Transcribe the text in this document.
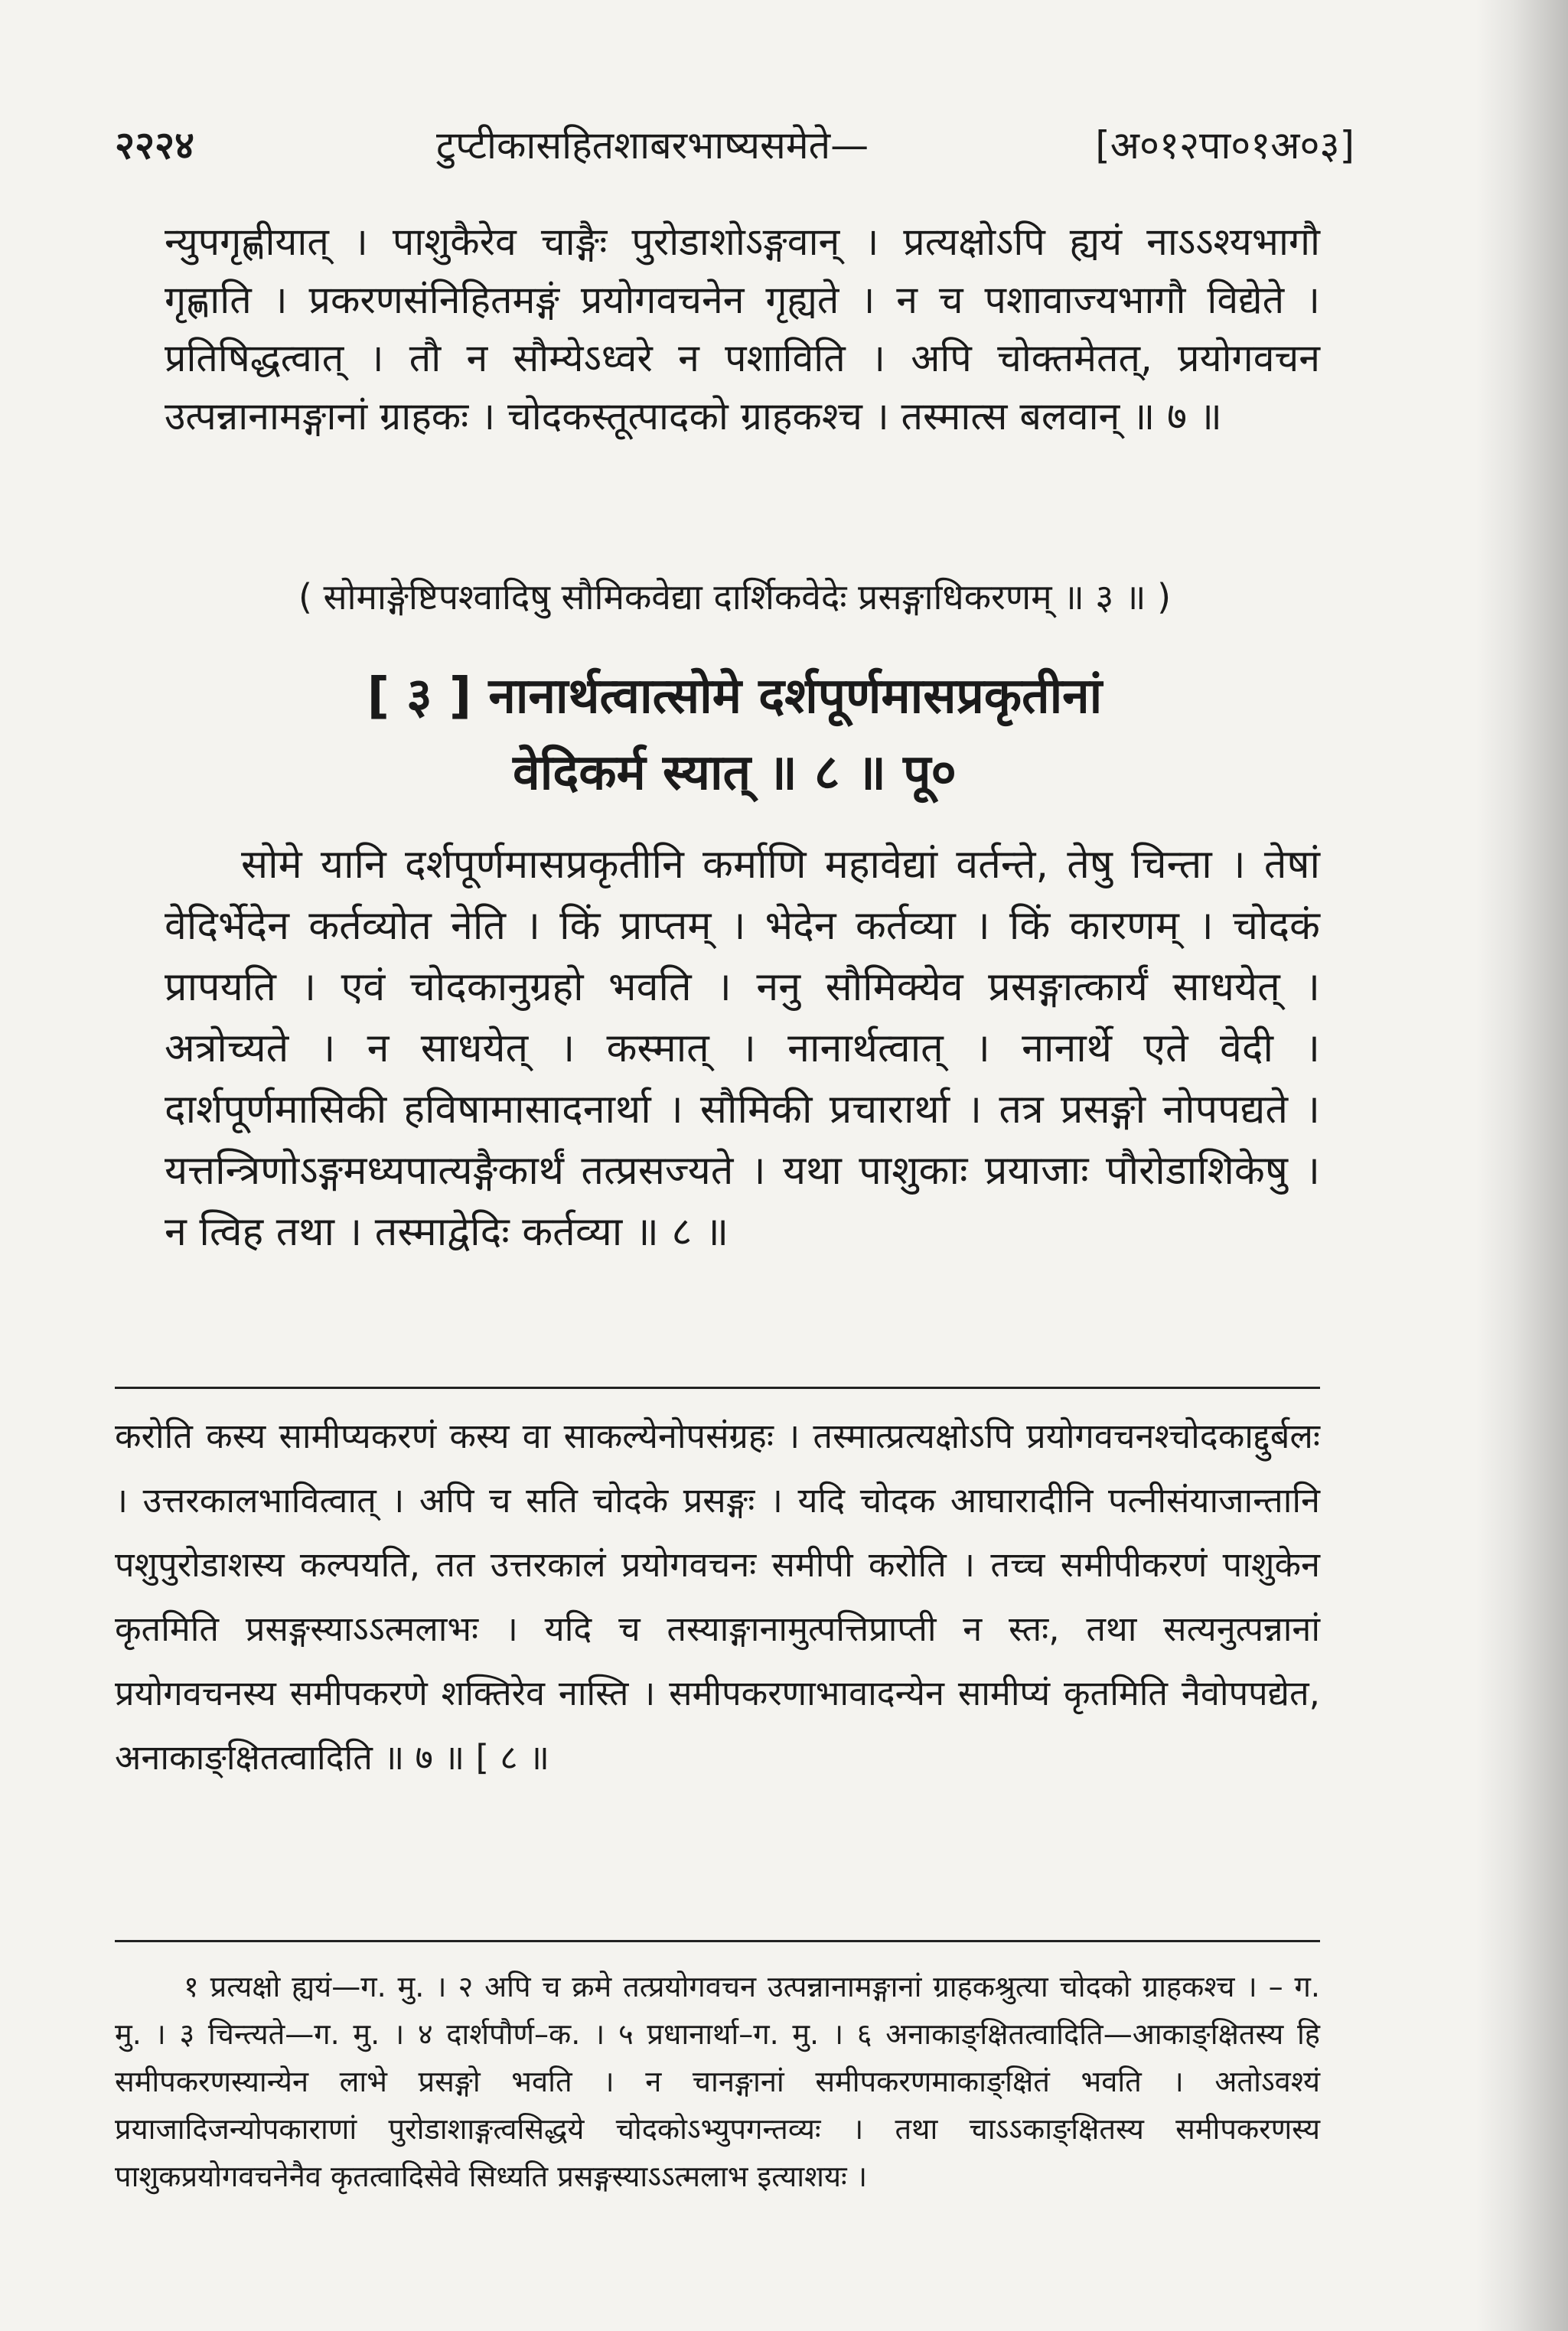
२२२४	टुप्टीकासहितशाबरभाष्यसमेते—	[अ०१२पा०१अ०३]

न्युपगृह्णीयात् । पाशुकैरेव चाङ्गैः पुरोडाशोऽङ्गवान् । प्रत्यक्षोऽपि ह्ययं नाऽऽश्यभागौ गृह्णाति । प्रकरणसंनिहितमङ्गं प्रयोगवचनेन गृह्यते । न च पशावाज्यभागौ विद्येते । प्रतिषिद्धत्वात् । तौ न सौम्येऽध्वरे न पशाविति । अपि चोक्तमेतत्, प्रयोगवचन उत्पन्नानामङ्गानां ग्राहकः । चोदकस्तूत्पादको ग्राहकश्च । तस्मात्स बलवान् ॥ ७ ॥

( सोमाङ्गेष्टिपश्वादिषु सौमिकवेद्या दार्शिकवेदेः प्रसङ्गाधिकरणम् ॥ ३ ॥ )
[ ३ ] नानार्थत्वात्सोमे दर्शपूर्णमासप्रकृतीनां
वेदिकर्म स्यात् ॥ ८ ॥ पू०

सोमे यानि दर्शपूर्णमासप्रकृतीनि कर्माणि महावेद्यां वर्तन्ते, तेषु चिन्ता । तेषां वेदिर्भेदेन कर्तव्योत नेति । किं प्राप्तम् । भेदेन कर्तव्या । किं कारणम् । चोदकं प्रापयति । एवं चोदकानुग्रहो भवति । ननु सौमिक्येव प्रसङ्गात्कार्यं साधयेत् । अत्रोच्यते । न साधयेत् । कस्मात् । नानार्थत्वात् । नानार्थे एते वेदी । दार्शपूर्णमासिकी हविषामासादनार्था । सौमिकी प्रचारार्था । तत्र प्रसङ्गो नोपपद्यते । यत्तन्त्रिणोऽङ्गमध्यपात्यङ्गैकार्थं तत्प्रसज्यते । यथा पाशुकाः प्रयाजाः पौरोडाशिकेषु । न त्विह तथा । तस्माद्वेदिः कर्तव्या ॥ ८ ॥

करोति कस्य सामीप्यकरणं कस्य वा साकल्येनोपसंग्रहः । तस्मात्प्रत्यक्षोऽपि प्रयोगवचनश्चोदकाद्दुर्बलः । उत्तरकालभावित्वात् । अपि च सति चोदके प्रसङ्गः । यदि चोदक आघारादीनि पत्नीसंयाजान्तानि पशुपुरोडाशस्य कल्पयति, तत उत्तरकालं प्रयोगवचनः समीपी करोति । तच्च समीपीकरणं पाशुकेन कृतमिति प्रसङ्गस्याऽऽत्मलाभः । यदि च तस्याङ्गानामुत्पत्तिप्राप्ती न स्तः, तथा सत्यनुत्पन्नानां प्रयोगवचनस्य समीपकरणे शक्तिरेव नास्ति । समीपकरणाभावादन्येन सामीप्यं कृतमिति नैवोपपद्येत, अनाकाङ्क्षितत्वादिति ॥ ७ ॥ [ ८ ॥

१ प्रत्यक्षो ह्ययं—ग. मु. । २ अपि च क्रमे तत्प्रयोगवचन उत्पन्नानामङ्गानां ग्राहकश्रुत्या चोदको ग्राहकश्च । – ग. मु. । ३ चिन्त्यते—ग. मु. । ४ दार्शपौर्ण–क. । ५ प्रधानार्था–ग. मु. । ६ अनाकाङ्क्षितत्वादिति—आकाङ्क्षितस्य हि समीपकरणस्यान्येन लाभे प्रसङ्गो भवति । न चानङ्गानां समीपकरणमाकाङ्क्षितं भवति । अतोऽवश्यं प्रयाजादिजन्योपकाराणां पुरोडाशाङ्गत्वसिद्धये चोदकोऽभ्युपगन्तव्यः । तथा चाऽऽकाङ्क्षितस्य समीपकरणस्य पाशुकप्रयोगवचनेनैव कृतत्वादिसेवे सिध्यति प्रसङ्गस्याऽऽत्मलाभ इत्याशयः ।
